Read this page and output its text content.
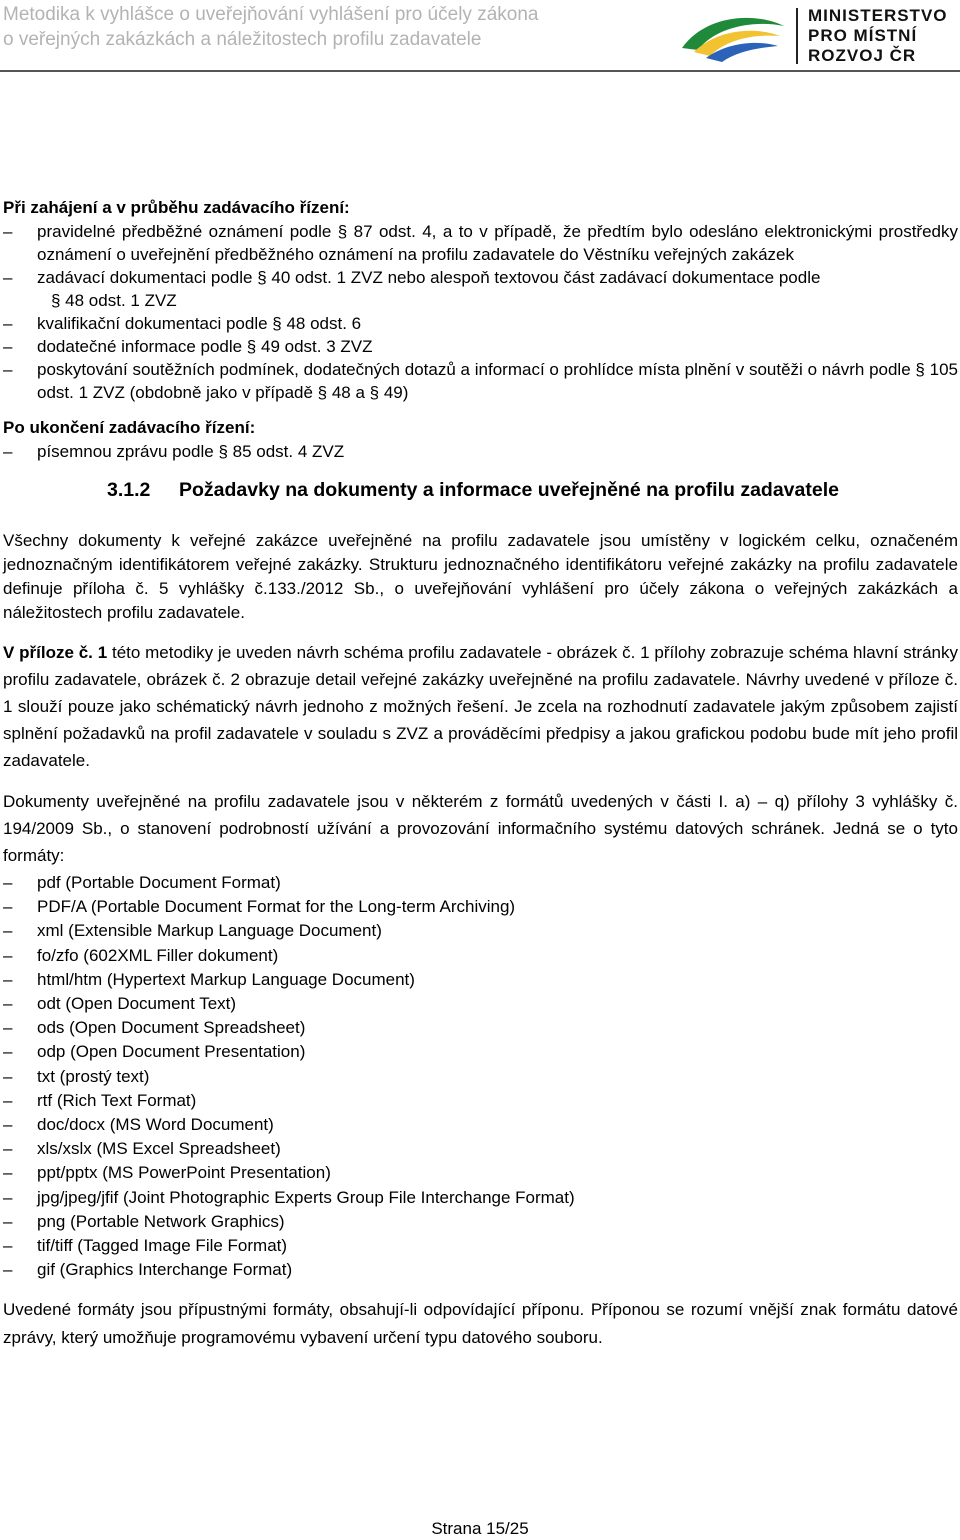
Metodika k vyhlášce o uveřejňování vyhlášení pro účely zákona
o veřejných zakázkách a náležitostech profilu zadavatele
MINISTERSTVO
PRO MÍSTNÍ
ROZVOJ ČR
Při zahájení a v průběhu zadávacího řízení:
– pravidelné předběžné oznámení podle § 87 odst. 4, a to v případě, že předtím bylo odesláno elektronickými prostředky oznámení o uveřejnění předběžného oznámení na profilu zadavatele do Věstníku veřejných zakázek
– zadávací dokumentaci podle § 40 odst. 1 ZVZ nebo alespoň textovou část zadávací dokumentace podle
§ 48 odst. 1 ZVZ
– kvalifikační dokumentaci podle § 48 odst. 6
– dodatečné informace podle § 49 odst. 3 ZVZ
– poskytování soutěžních podmínek, dodatečných dotazů a informací o prohlídce místa plnění v soutěži o návrh podle § 105 odst. 1 ZVZ (obdobně jako v případě § 48 a § 49)
Po ukončení zadávacího řízení:
– písemnou zprávu podle § 85 odst. 4 ZVZ
3.1.2 Požadavky na dokumenty a informace uveřejněné na profilu zadavatele
Všechny dokumenty k veřejné zakázce uveřejněné na profilu zadavatele jsou umístěny v logickém celku, označeném jednoznačným identifikátorem veřejné zakázky. Strukturu jednoznačného identifikátoru veřejné zakázky na profilu zadavatele definuje příloha č. 5 vyhlášky č.133./2012 Sb., o uveřejňování vyhlášení pro účely zákona o veřejných zakázkách a náležitostech profilu zadavatele.
V příloze č. 1 této metodiky je uveden návrh schéma profilu zadavatele - obrázek č. 1 přílohy zobrazuje schéma hlavní stránky profilu zadavatele, obrázek č. 2 obrazuje detail veřejné zakázky uveřejněné na profilu zadavatele. Návrhy uvedené v příloze č. 1 slouží pouze jako schématický návrh jednoho z možných řešení. Je zcela na rozhodnutí zadavatele jakým způsobem zajistí splnění požadavků na profil zadavatele v souladu s ZVZ a prováděcími předpisy a jakou grafickou podobu bude mít jeho profil zadavatele.
Dokumenty uveřejněné na profilu zadavatele jsou v některém z formátů uvedených v části I. a) – q) přílohy 3 vyhlášky č. 194/2009 Sb., o stanovení podrobností užívání a provozování informačního systému datových schránek. Jedná se o tyto formáty:
– pdf (Portable Document Format)
– PDF/A (Portable Document Format for the Long-term Archiving)
– xml (Extensible Markup Language Document)
– fo/zfo (602XML Filler dokument)
– html/htm (Hypertext Markup Language Document)
– odt (Open Document Text)
– ods (Open Document Spreadsheet)
– odp (Open Document Presentation)
– txt (prostý text)
– rtf (Rich Text Format)
– doc/docx (MS Word Document)
– xls/xslx (MS Excel Spreadsheet)
– ppt/pptx (MS PowerPoint Presentation)
– jpg/jpeg/jfif (Joint Photographic Experts Group File Interchange Format)
– png (Portable Network Graphics)
– tif/tiff (Tagged Image File Format)
– gif (Graphics Interchange Format)
Uvedené formáty jsou přípustnými formáty, obsahují-li odpovídající příponu. Příponou se rozumí vnější znak formátu datové zprávy, který umožňuje programovému vybavení určení typu datového souboru.
Strana 15/25
